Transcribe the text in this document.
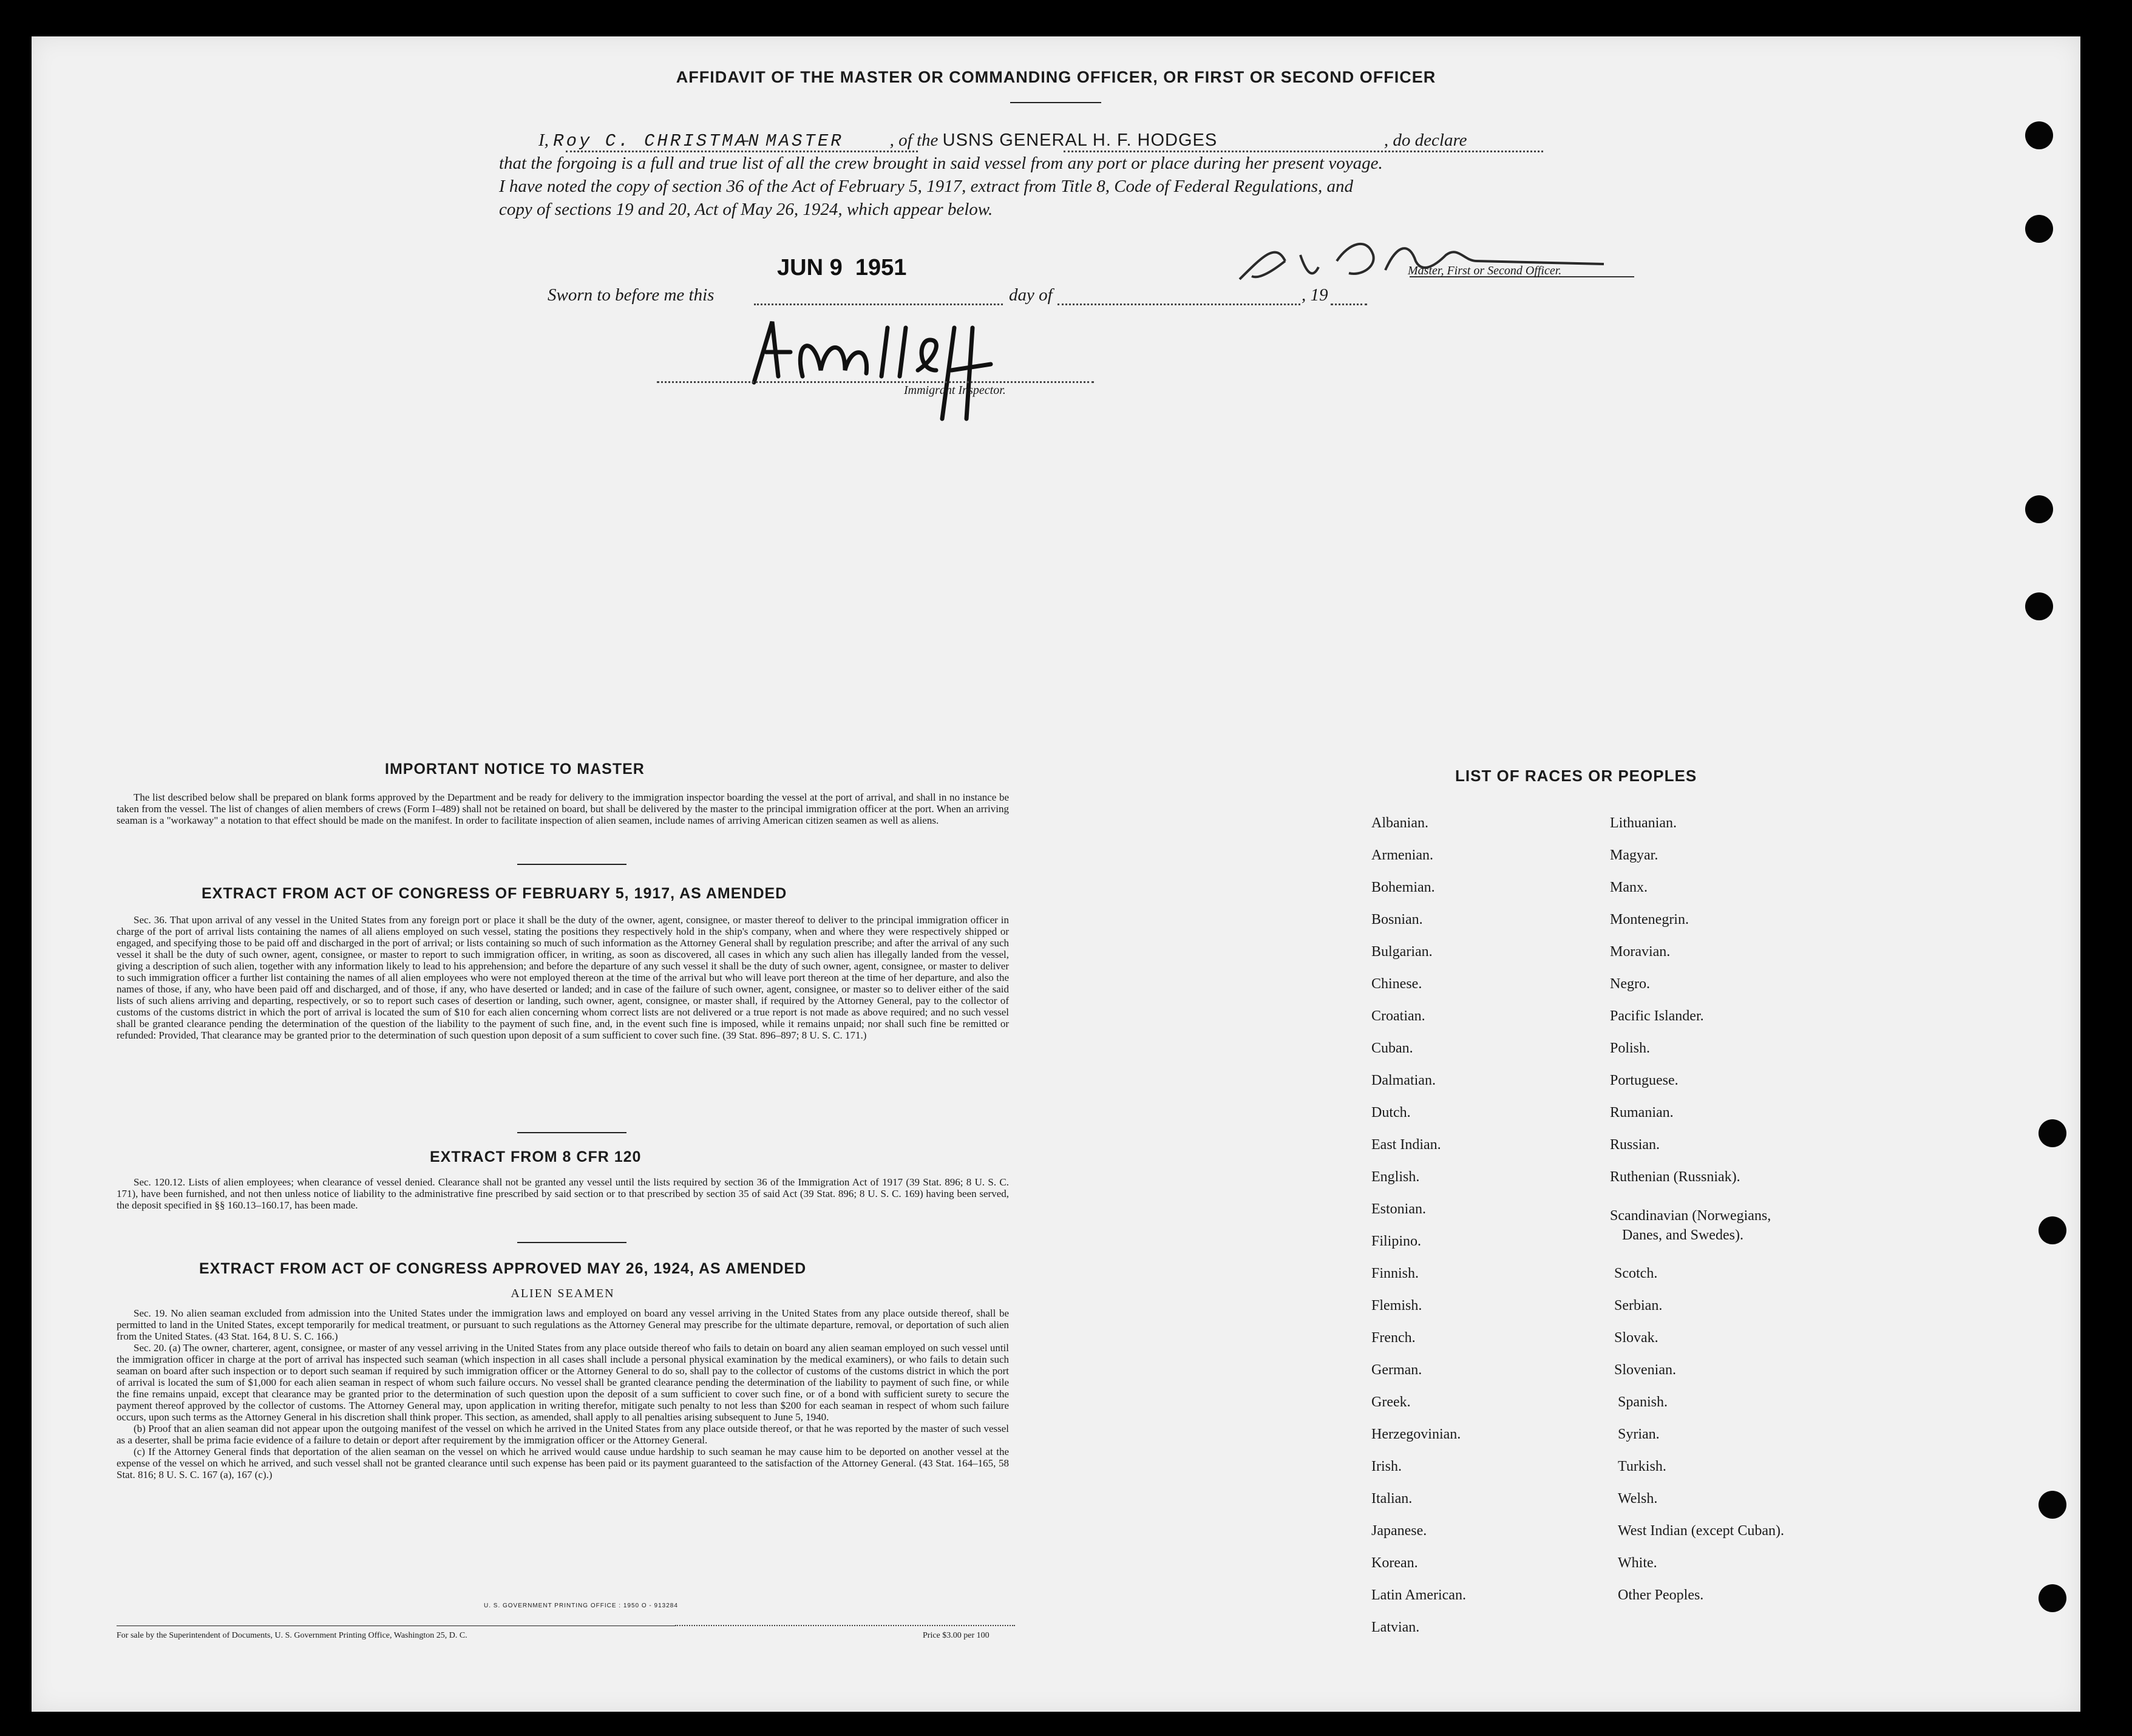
AFFIDAVIT OF THE MASTER OR COMMANDING OFFICER, OR FIRST OR SECOND OFFICER
I, Roy C. CHRISTMAN – MASTER	, of the USNS GENERAL H. F. HODGES	, do declare
that the forgoing is a full and true list of all the crew brought in said vessel from any port or place during her present voyage.
I have noted the copy of section 36 of the Act of February 5, 1917, extract from Title 8, Code of Federal Regulations, and
copy of sections 19 and 20, Act of May 26, 1924, which appear below.
JUN 9  1951	Master, First or Second Officer.
Sworn to before me this	day of	, 19
Immigrant Inspector.
IMPORTANT NOTICE TO MASTER

The list described below shall be prepared on blank forms approved by the Department and be ready for delivery to the immigration inspector boarding the vessel at the port of arrival, and shall in no instance be taken from the vessel. The list of changes of alien members of crews (Form I–489) shall not be retained on board, but shall be delivered by the master to the principal immigration officer at the port. When an arriving seaman is a "workaway" a notation to that effect should be made on the manifest. In order to facilitate inspection of alien seamen, include names of arriving American citizen seamen as well as aliens.

EXTRACT FROM ACT OF CONGRESS OF FEBRUARY 5, 1917, AS AMENDED

Sec. 36. That upon arrival of any vessel in the United States from any foreign port or place it shall be the duty of the owner, agent, consignee, or master thereof to deliver to the principal immigration officer in charge of the port of arrival lists containing the names of all aliens employed on such vessel, stating the positions they respectively hold in the ship's company, when and where they were respectively shipped or engaged, and specifying those to be paid off and discharged in the port of arrival; or lists containing so much of such information as the Attorney General shall by regulation prescribe; and after the arrival of any such vessel it shall be the duty of such owner, agent, consignee, or master to report to such immigration officer, in writing, as soon as discovered, all cases in which any such alien has illegally landed from the vessel, giving a description of such alien, together with any information likely to lead to his apprehension; and before the departure of any such vessel it shall be the duty of such owner, agent, consignee, or master to deliver to such immigration officer a further list containing the names of all alien employees who were not employed thereon at the time of the arrival but who will leave port thereon at the time of her departure, and also the names of those, if any, who have been paid off and discharged, and of those, if any, who have deserted or landed; and in case of the failure of such owner, agent, consignee, or master so to deliver either of the said lists of such aliens arriving and departing, respectively, or so to report such cases of desertion or landing, such owner, agent, consignee, or master shall, if required by the Attorney General, pay to the collector of customs of the customs district in which the port of arrival is located the sum of $10 for each alien concerning whom correct lists are not delivered or a true report is not made as above required; and no such vessel shall be granted clearance pending the determination of the question of the liability to the payment of such fine, and, in the event such fine is imposed, while it remains unpaid; nor shall such fine be remitted or refunded: Provided, That clearance may be granted prior to the determination of such question upon deposit of a sum sufficient to cover such fine. (39 Stat. 896–897; 8 U. S. C. 171.)

EXTRACT FROM 8 CFR 120

Sec. 120.12. Lists of alien employees; when clearance of vessel denied. Clearance shall not be granted any vessel until the lists required by section 36 of the Immigration Act of 1917 (39 Stat. 896; 8 U. S. C. 171), have been furnished, and not then unless notice of liability to the administrative fine prescribed by said section or to that prescribed by section 35 of said Act (39 Stat. 896; 8 U. S. C. 169) having been served, the deposit specified in §§ 160.13–160.17, has been made.

EXTRACT FROM ACT OF CONGRESS APPROVED MAY 26, 1924, AS AMENDED
ALIEN SEAMEN

Sec. 19. No alien seaman excluded from admission into the United States under the immigration laws and employed on board any vessel arriving in the United States from any place outside thereof, shall be permitted to land in the United States, except temporarily for medical treatment, or pursuant to such regulations as the Attorney General may prescribe for the ultimate departure, removal, or deportation of such alien from the United States. (43 Stat. 164, 8 U. S. C. 166.)

Sec. 20. (a) The owner, charterer, agent, consignee, or master of any vessel arriving in the United States from any place outside thereof who fails to detain on board any alien seaman employed on such vessel until the immigration officer in charge at the port of arrival has inspected such seaman (which inspection in all cases shall include a personal physical examination by the medical examiners), or who fails to detain such seaman on board after such inspection or to deport such seaman if required by such immigration officer or the Attorney General to do so, shall pay to the collector of customs of the customs district in which the port of arrival is located the sum of $1,000 for each alien seaman in respect of whom such failure occurs. No vessel shall be granted clearance pending the determination of the liability to payment of such fine, or while the fine remains unpaid, except that clearance may be granted prior to the determination of such question upon the deposit of a sum sufficient to cover such fine, or of a bond with sufficient surety to secure the payment thereof approved by the collector of customs. The Attorney General may, upon application in writing therefor, mitigate such penalty to not less than $200 for each seaman in respect of whom such failure occurs, upon such terms as the Attorney General in his discretion shall think proper. This section, as amended, shall apply to all penalties arising subsequent to June 5, 1940.

(b) Proof that an alien seaman did not appear upon the outgoing manifest of the vessel on which he arrived in the United States from any place outside thereof, or that he was reported by the master of such vessel as a deserter, shall be prima facie evidence of a failure to detain or deport after requirement by the immigration officer or the Attorney General.

(c) If the Attorney General finds that deportation of the alien seaman on the vessel on which he arrived would cause undue hardship to such seaman he may cause him to be deported on another vessel at the expense of the vessel on which he arrived, and such vessel shall not be granted clearance until such expense has been paid or its payment guaranteed to the satisfaction of the Attorney General. (43 Stat. 164–165, 58 Stat. 816; 8 U. S. C. 167 (a), 167 (c).)

U. S. GOVERNMENT PRINTING OFFICE : 1950 O - 913284
For sale by the Superintendent of Documents, U. S. Government Printing Office, Washington 25, D. C.	Price $3.00 per 100
LIST OF RACES OR PEOPLES
Albanian.
Armenian.
Bohemian.
Bosnian.
Bulgarian.
Chinese.
Croatian.
Cuban.
Dalmatian.
Dutch.
East Indian.
English.
Estonian.
Filipino.
Finnish.
Flemish.
French.
German.
Greek.
Herzegovinian.
Irish.
Italian.
Japanese.
Korean.
Latin American.
Latvian.
Lithuanian.
Magyar.
Manx.
Montenegrin.
Moravian.
Negro.
Pacific Islander.
Polish.
Portuguese.
Rumanian.
Russian.
Ruthenian (Russniak).
Scandinavian (Norwegians,
Danes, and Swedes).
Scotch.
Serbian.
Slovak.
Slovenian.
Spanish.
Syrian.
Turkish.
Welsh.
West Indian (except Cuban).
White.
Other Peoples.
